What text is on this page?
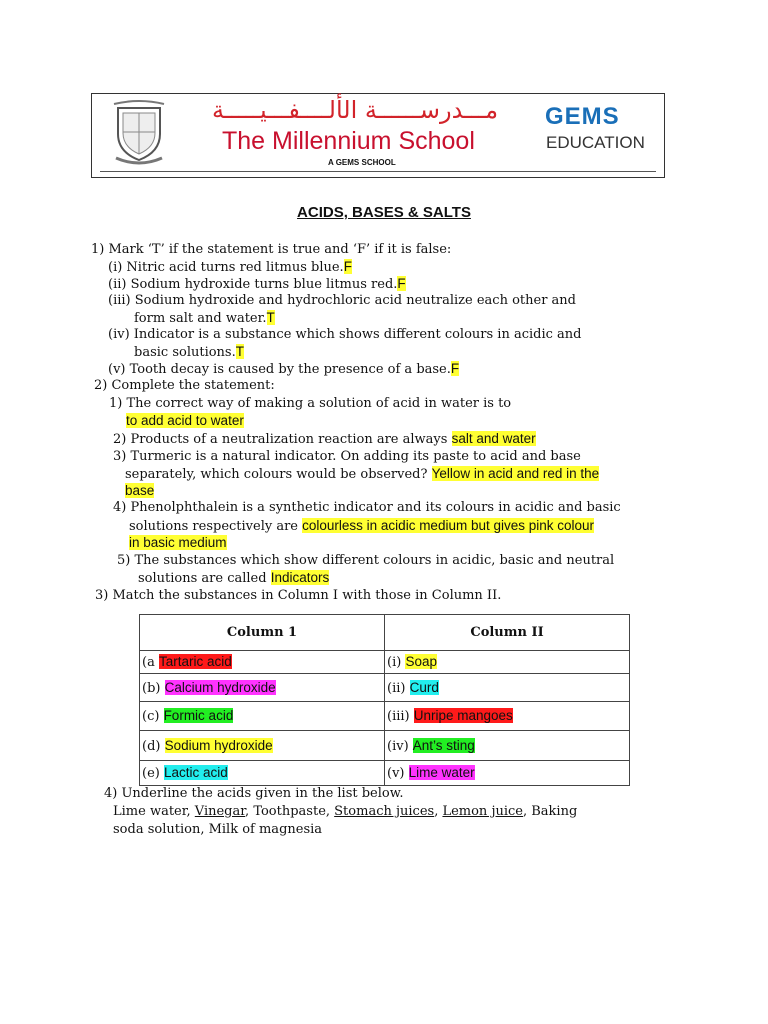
مـــدرســــــة الألــــفـــيـــــة
The Millennium School
A GEMS SCHOOL
GEMS
EDUCATION
ACIDS, BASES & SALTS
1) Mark ‘T’ if the statement is true and ‘F’ if it is false:
(i) Nitric acid turns red litmus blue.F
(ii) Sodium hydroxide turns blue litmus red.F
(iii) Sodium hydroxide and hydrochloric acid neutralize each other and
form salt and water.T
(iv) Indicator is a substance which shows different colours in acidic and
basic solutions.T
(v) Tooth decay is caused by the presence of a base.F
2) Complete the statement:
1) The correct way of making a solution of acid in water is to
to add acid to water
2) Products of a neutralization reaction are always salt and water
3) Turmeric is a natural indicator. On adding its paste to acid and base
separately, which colours would be observed? Yellow in acid and red in the
base
4) Phenolphthalein is a synthetic indicator and its colours in acidic and basic
solutions respectively are colourless in acidic medium but gives pink colour
in basic medium
5) The substances which show different colours in acidic, basic and neutral
solutions are called Indicators
3) Match the substances in Column I with those in Column II.
Column 1	Column II
(a Tartaric acid	(i) Soap
(b) Calcium hydroxide	(ii) Curd
(c) Formic acid	(iii) Unripe mangoes
(d) Sodium hydroxide	(iv) Ant’s sting
(e) Lactic acid	(v) Lime water
4) Underline the acids given in the list below.
Lime water, Vinegar, Toothpaste, Stomach juices, Lemon juice, Baking
soda solution, Milk of magnesia
